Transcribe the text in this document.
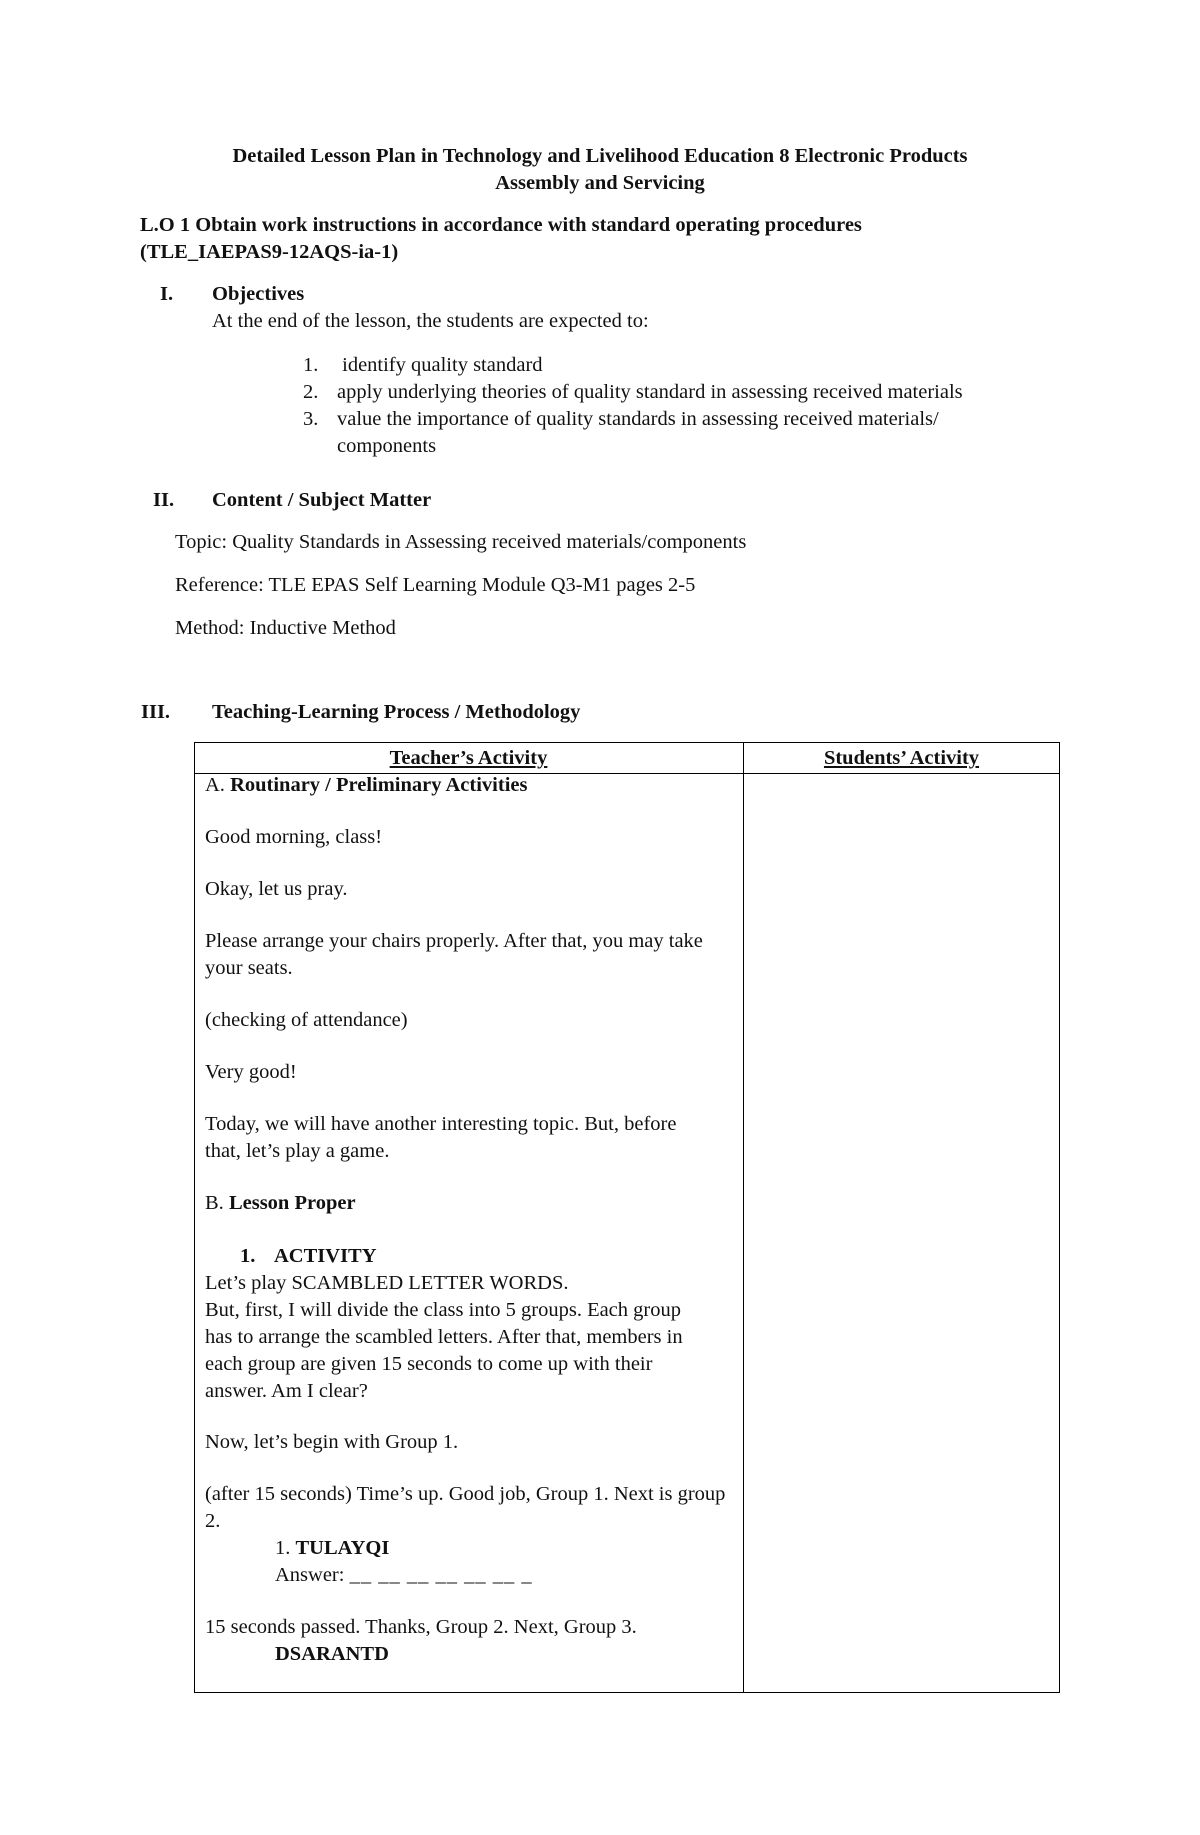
Detailed Lesson Plan in Technology and Livelihood Education 8 Electronic Products
Assembly and Servicing
L.O 1 Obtain work instructions in accordance with standard operating procedures
(TLE_IAEPAS9-12AQS-ia-1)
I. Objectives
At the end of the lesson, the students are expected to:
1. identify quality standard
2. apply underlying theories of quality standard in assessing received materials
3. value the importance of quality standards in assessing received materials/
components
II. Content / Subject Matter
Topic: Quality Standards in Assessing received materials/components
Reference: TLE EPAS Self Learning Module Q3-M1 pages 2-5
Method: Inductive Method
III. Teaching-Learning Process / Methodology
Teacher’s Activity	Students’ Activity
A. Routinary / Preliminary Activities
Good morning, class!
Okay, let us pray.
Please arrange your chairs properly. After that, you may take your seats.
(checking of attendance)
Very good!
Today, we will have another interesting topic. But, before that, let’s play a game.
B. Lesson Proper
1. ACTIVITY
Let’s play SCAMBLED LETTER WORDS.
But, first, I will divide the class into 5 groups. Each group has to arrange the scambled letters. After that, members in each group are given 15 seconds to come up with their answer. Am I clear?
Now, let’s begin with Group 1.
(after 15 seconds) Time’s up. Good job, Group 1. Next is group 2.
1. TULAYQI
Answer: __ __ __ __ __ __ _
15 seconds passed. Thanks, Group 2. Next, Group 3.
DSARANTD
